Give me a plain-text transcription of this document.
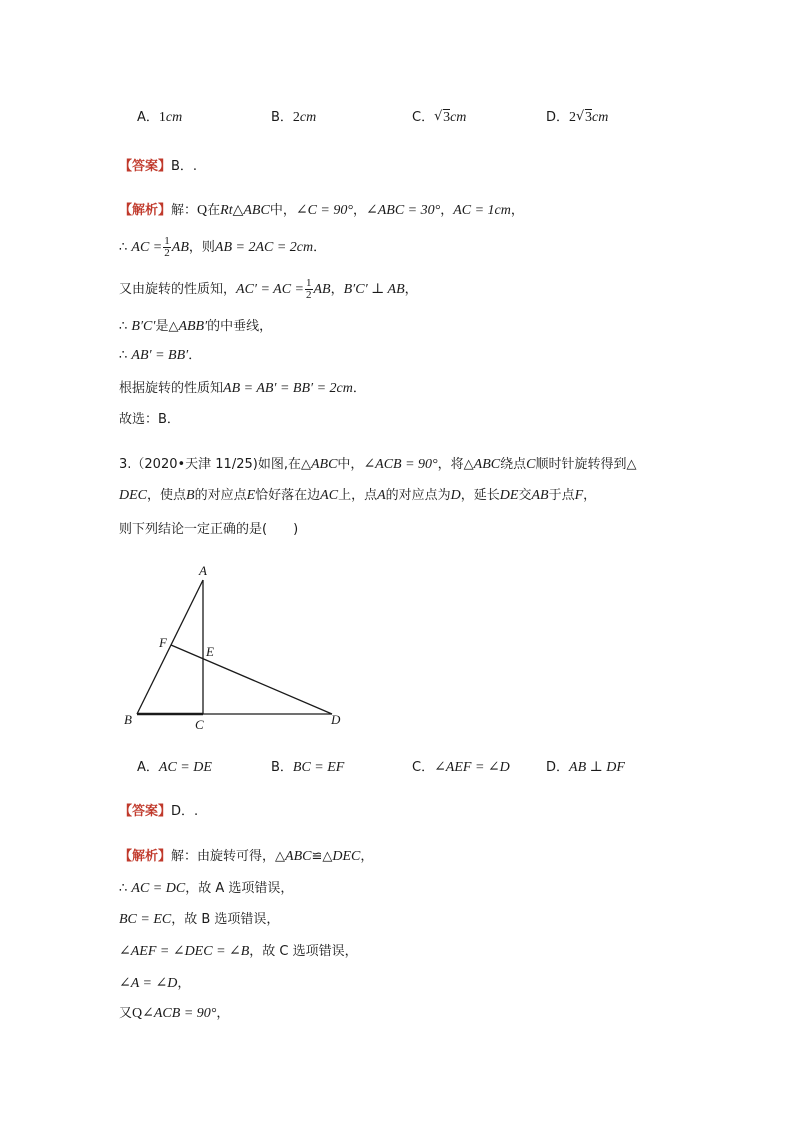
A．1cm	B．2cm	C． √ 3cm	D．2 √ 3cm
【答案】B．.
【解析】解：Q在Rt△ABC中，∠C = 90°，∠ABC = 30°，AC = 1cm，
∴ AC = $\frac{1}{2}$ AB，则AB = 2AC = 2cm．
又由旋转的性质知，AC′ = AC = $\frac{1}{2}$ AB，B′C′ ⊥ AB，
∴ B′C′是△ABB′的中垂线，
∴ AB′ = BB′．
根据旋转的性质知AB = AB′ = BB′ = 2cm．
故选：B．
3.（2020•天津 11/25)如图,在△ABC中，∠ACB = 90°，将△ABC绕点C顺时针旋转得到△
DEC，使点B的对应点E恰好落在边AC上，点A的对应点为D，延长DE交AB于点F，
则下列结论一定正确的是(　　)
A
B	C	D
E
F
A．AC = DE	B．BC = EF	C．∠AEF = ∠D	D．AB ⊥ DF
【答案】D．.
【解析】解：由旋转可得，△ABC≌△DEC，
∴ AC = DC，故 A 选项错误，
BC = EC，故 B 选项错误，
∠AEF = ∠DEC = ∠B，故 C 选项错误，
∠A = ∠D，
又Q∠ACB = 90°，
